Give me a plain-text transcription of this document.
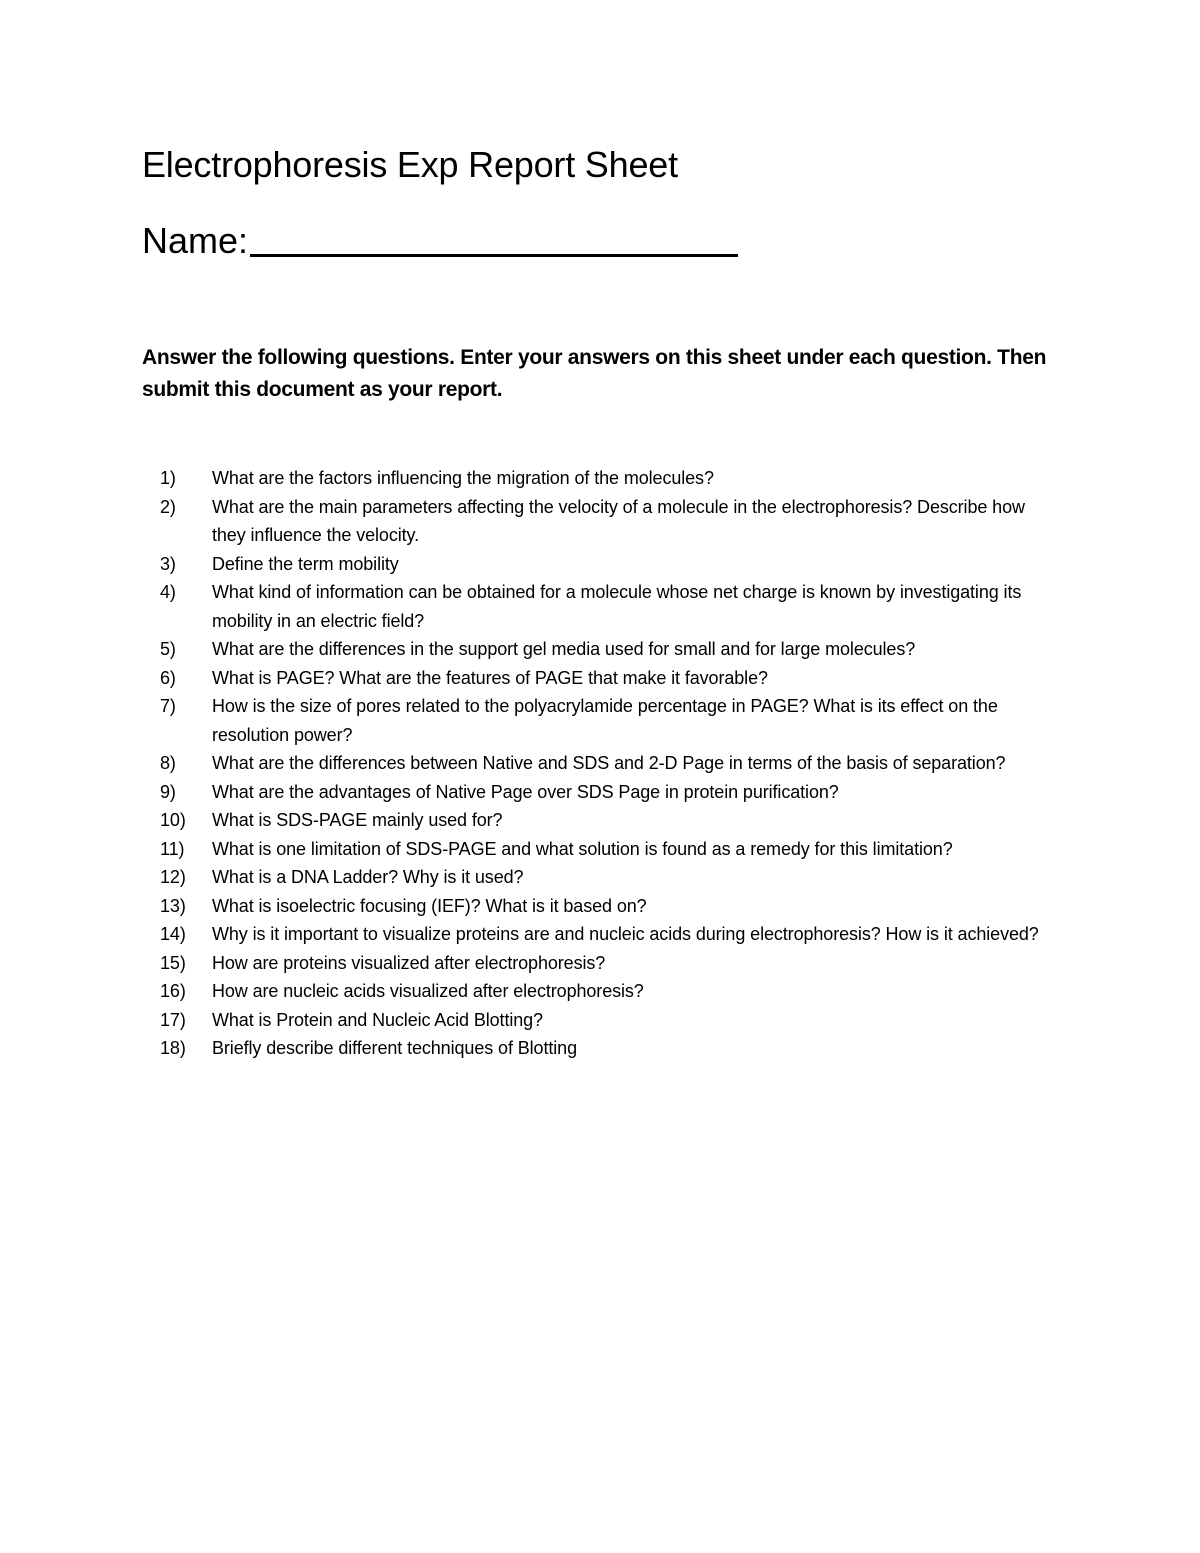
Electrophoresis Exp Report Sheet
Name:

Answer the following questions. Enter your answers on this sheet under each question. Then submit this document as your report.

1)	What are the factors influencing the migration of the molecules?
2)	What are the main parameters affecting the velocity of a molecule in the electrophoresis? Describe how they influence the velocity.
3)	Define the term mobility
4)	What kind of information can be obtained for a molecule whose net charge is known by investigating its mobility in an electric field?
5)	What are the differences in the support gel media used for small and for large molecules?
6)	What is PAGE? What are the features of PAGE that make it favorable?
7)	How is the size of pores related to the polyacrylamide percentage in PAGE? What is its effect on the resolution power?
8)	What are the differences between Native and SDS and 2-D Page in terms of the basis of separation?
9)	What are the advantages of Native Page over SDS Page in protein purification?
10)	What is SDS-PAGE mainly used for?
11)	What is one limitation of SDS-PAGE and what solution is found as a remedy for this limitation?
12)	What is a DNA Ladder? Why is it used?
13)	What is isoelectric focusing (IEF)? What is it based on?
14)	Why is it important to visualize proteins are and nucleic acids during electrophoresis? How is it achieved?
15)	How are proteins visualized after electrophoresis?
16)	How are nucleic acids visualized after electrophoresis?
17)	What is Protein and Nucleic Acid Blotting?
18)	Briefly describe different techniques of Blotting
